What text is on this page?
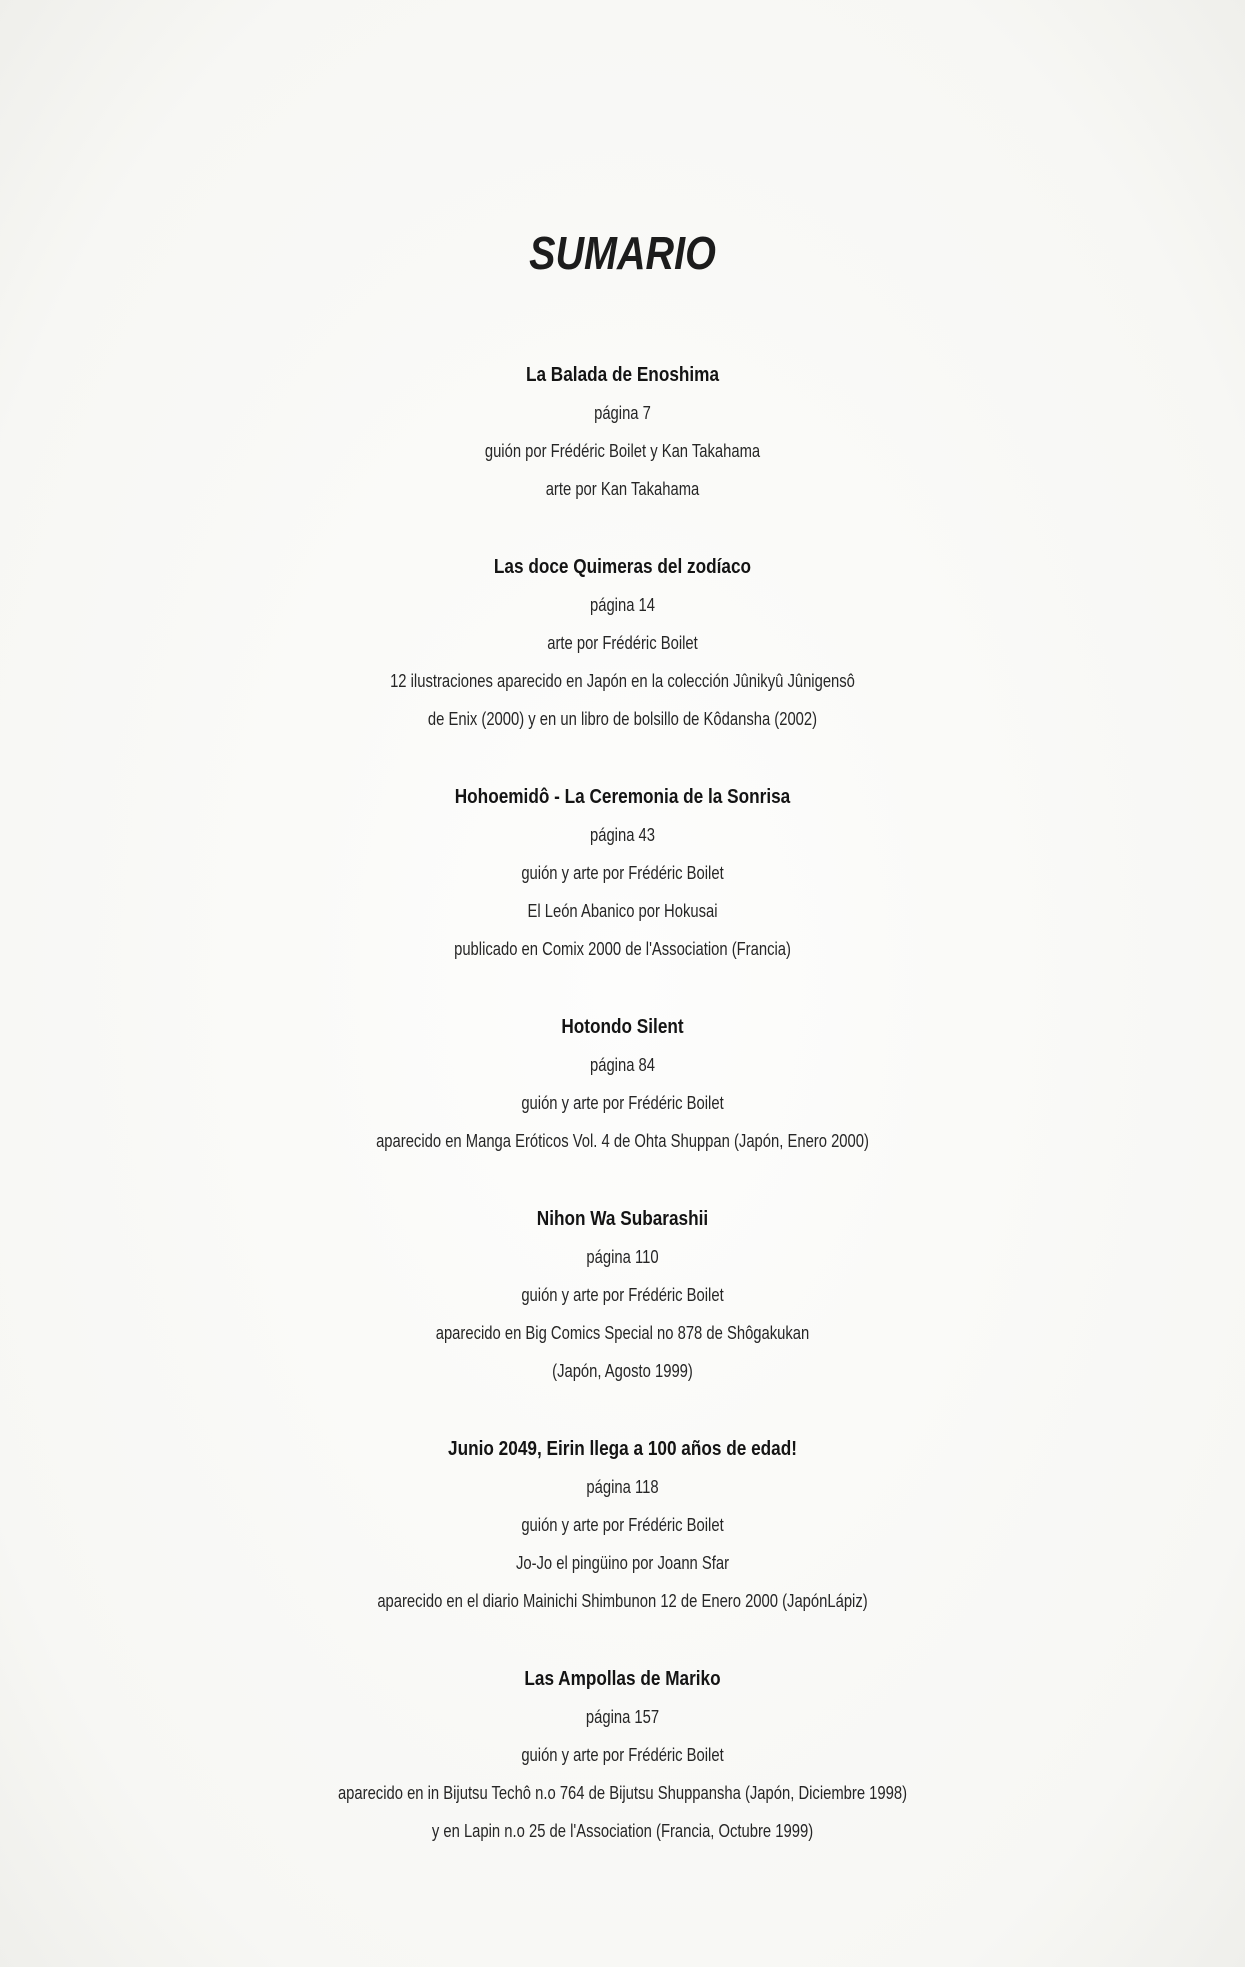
SUMARIO
La Balada de Enoshima
página 7
guión por Frédéric Boilet y Kan Takahama
arte por Kan Takahama
Las doce Quimeras del zodíaco
página 14
arte por Frédéric Boilet
12 ilustraciones aparecido en Japón en la colección Jûnikyû Jûnigensô
de Enix (2000) y en un libro de bolsillo de Kôdansha (2002)
Hohoemidô - La Ceremonia de la Sonrisa
página 43
guión y arte por Frédéric Boilet
El León Abanico por Hokusai
publicado en Comix 2000 de l'Association (Francia)
Hotondo Silent
página 84
guión y arte por Frédéric Boilet
aparecido en Manga Eróticos Vol. 4 de Ohta Shuppan (Japón, Enero 2000)
Nihon Wa Subarashii
página 110
guión y arte por Frédéric Boilet
aparecido en Big Comics Special no 878 de Shôgakukan
(Japón, Agosto 1999)
Junio 2049, Eirin llega a 100 años de edad!
página 118
guión y arte por Frédéric Boilet
Jo-Jo el pingüino por Joann Sfar
aparecido en el diario Mainichi Shimbunon 12 de Enero 2000 (JapónLápiz)
Las Ampollas de Mariko
página 157
guión y arte por Frédéric Boilet
aparecido en in Bijutsu Techô n.o 764 de Bijutsu Shuppansha (Japón, Diciembre 1998)
y en Lapin n.o 25 de l'Association (Francia, Octubre 1999)
